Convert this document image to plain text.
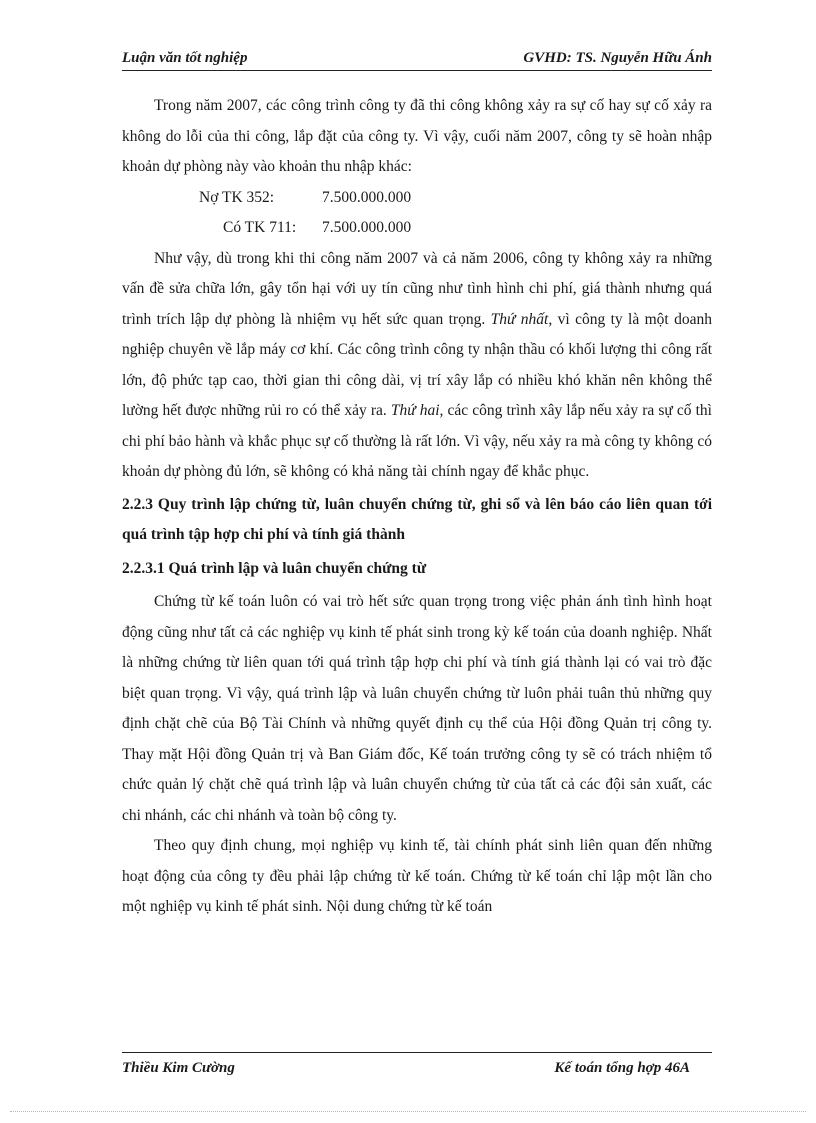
Luận văn tốt nghiệp	GVHD: TS. Nguyễn Hữu Ánh

Trong năm 2007, các công trình công ty đã thi công không xảy ra sự cố hay sự cố xảy ra không do lỗi của thi công, lắp đặt của công ty. Vì vậy, cuối năm 2007, công ty sẽ hoàn nhập khoản dự phòng này vào khoản thu nhập khác:

Nợ TK 352:	7.500.000.000
Có TK 711: 7.500.000.000

Như vậy, dù trong khi thi công năm 2007 và cả năm 2006, công ty không xảy ra những vấn đề sửa chữa lớn, gây tổn hại với uy tín cũng như tình hình chi phí, giá thành nhưng quá trình trích lập dự phòng là nhiệm vụ hết sức quan trọng. Thứ nhất, vì công ty là một doanh nghiệp chuyên về lắp máy cơ khí. Các công trình công ty nhận thầu có khối lượng thi công rất lớn, độ phức tạp cao, thời gian thi công dài, vị trí xây lắp có nhiều khó khăn nên không thể lường hết được những rủi ro có thể xảy ra. Thứ hai, các công trình xây lắp nếu xảy ra sự cố thì chi phí bảo hành và khắc phục sự cố thường là rất lớn. Vì vậy, nếu xảy ra mà công ty không có khoản dự phòng đủ lớn, sẽ không có khả năng tài chính ngay để khắc phục.

2.2.3 Quy trình lập chứng từ, luân chuyển chứng từ, ghi sổ và lên báo cáo liên quan tới quá trình tập hợp chi phí và tính giá thành

2.2.3.1 Quá trình lập và luân chuyển chứng từ

Chứng từ kế toán luôn có vai trò hết sức quan trọng trong việc phản ánh tình hình hoạt động cũng như tất cả các nghiệp vụ kinh tế phát sinh trong kỳ kế toán của doanh nghiệp. Nhất là những chứng từ liên quan tới quá trình tập hợp chi phí và tính giá thành lại có vai trò đặc biệt quan trọng. Vì vậy, quá trình lập và luân chuyển chứng từ luôn phải tuân thủ những quy định chặt chẽ của Bộ Tài Chính và những quyết định cụ thể của Hội đồng Quản trị công ty. Thay mặt Hội đồng Quản trị và Ban Giám đốc, Kế toán trưởng công ty sẽ có trách nhiệm tổ chức quản lý chặt chẽ quá trình lập và luân chuyển chứng từ của tất cả các đội sản xuất, các chi nhánh, các chi nhánh và toàn bộ công ty.

Theo quy định chung, mọi nghiệp vụ kinh tế, tài chính phát sinh liên quan đến những hoạt động của công ty đều phải lập chứng từ kế toán. Chứng từ kế toán chỉ lập một lần cho một nghiệp vụ kinh tế phát sinh. Nội dung chứng từ kế toán

Thiều Kim Cường	Kế toán tổng hợp 46A
